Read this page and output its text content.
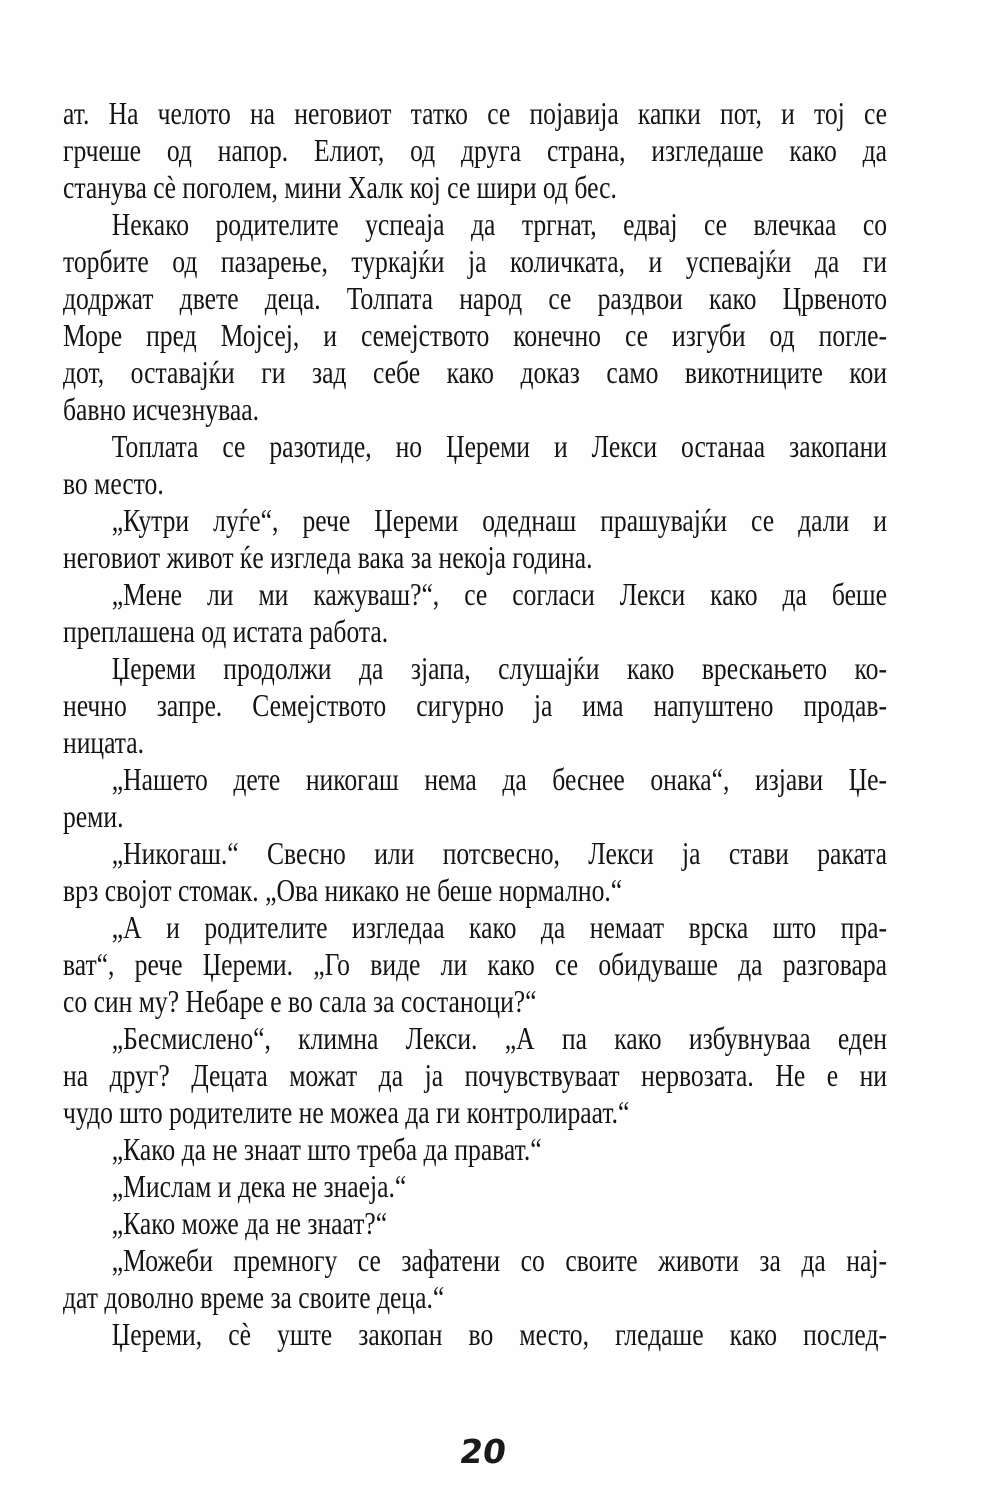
ат. На челото на неговиот татко се појавија капки пот, и тој се
грчеше од напор. Елиот, од друга страна, изгледаше како да
станува сѐ поголем, мини Халк кој се шири од бес.
Некако родителите успеаја да тргнат, едвај се влечкаа со
торбите од пазарење, туркајќи ја количката, и успевајќи да ги
додржат двете деца. Толпата народ се раздвои како Црвеното
Море пред Мојсеј, и семејството конечно се изгуби од погле-
дот, оставајќи ги зад себе како доказ само викотниците кои
бавно исчезнуваа.
Топлата се разотиде, но Џереми и Лекси останаа закопани
во место.
„Кутри луѓе“, рече Џереми одеднаш прашувајќи се дали и
неговиот живот ќе изгледа вака за некоја година.
„Мене ли ми кажуваш?“, се согласи Лекси како да беше
преплашена од истата работа.
Џереми продолжи да зјапа, слушајќи како врескањето ко-
нечно запре. Семејството сигурно ја има напуштено продав-
ницата.
„Нашето дете никогаш нема да беснее онака“, изјави Џе-
реми.
„Никогаш.“ Свесно или потсвесно, Лекси ја стави раката
врз својот стомак. „Ова никако не беше нормално.“
„А и родителите изгледаа како да немаат врска што пра-
ват“, рече Џереми. „Го виде ли како се обидуваше да разговара
со син му? Небаре е во сала за состаноци?“
„Бесмислено“, климна Лекси. „А па како избувнуваа еден
на друг? Децата можат да ја почувствуваат нервозата. Не е ни
чудо што родителите не можеа да ги контролираат.“
„Како да не знаат што треба да прават.“
„Мислам и дека не знаеја.“
„Како може да не знаат?“
„Можеби премногу се зафатени со своите животи за да нај-
дат доволно време за своите деца.“
Џереми, сѐ уште закопан во место, гледаше како послед-
20
